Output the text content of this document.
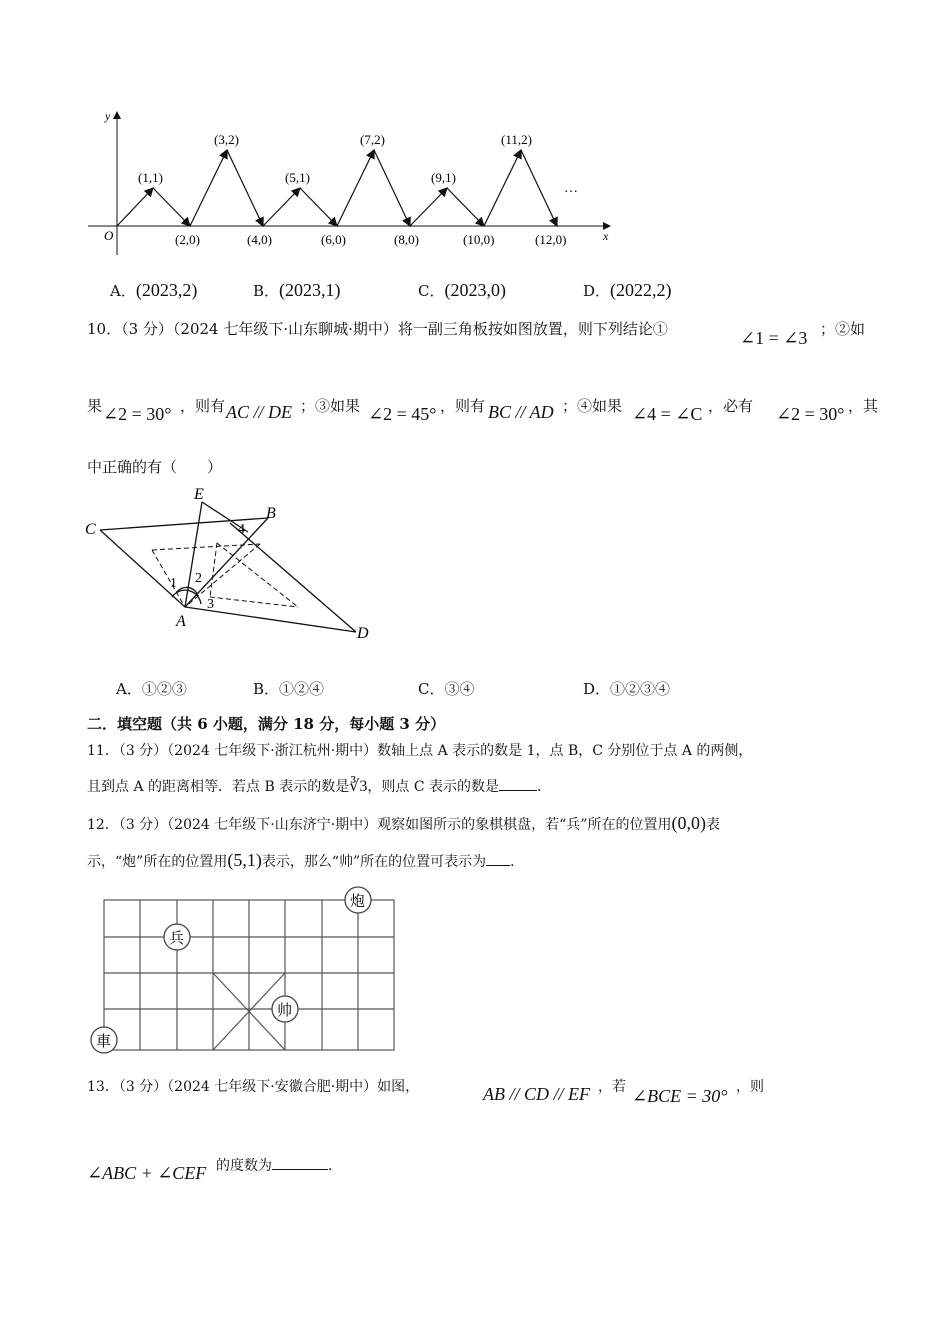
y
x
O
(1,1)
(3,2)
(5,1)
(7,2)
(9,1)
(11,2)
…
(2,0)	(4,0)	(6,0)	(8,0)	(10,0)	(12,0)
A．(2023,2)	B．(2023,1)	C．(2023,0)	D．(2022,2)
10．（3 分）（2024 七年级下·山东聊城·期中）将一副三角板按如图放置，则下列结论①	∠1 = ∠3 ；②如
果 ∠2 = 30° ，则有 AC // DE ；③如果 ∠2 = 45° ，则有 BC // AD ；④如果 ∠4 = ∠C ，必有 ∠2 = 30° ，其
中正确的有（　　）
C
E
B
A
D
1 2
3
4
A．①②③	B．①②④	C．③④	D．①②③④
二．填空题（共 6 小题，满分 18 分，每小题 3 分）
11．（3 分）（2024 七年级下·浙江杭州·期中）数轴上点 A 表示的数是 1，点 B，C 分别位于点 A 的两侧，
且到点 A 的距离相等．若点 B 表示的数是∛3，则点 C 表示的数是	．
12．（3 分）（2024 七年级下·山东济宁·期中）观察如图所示的象棋棋盘，若“兵”所在的位置用(0,0)表
示，“炮”所在的位置用(5,1)表示，那么“帅”所在的位置可表示为 ．
炮
兵
帅
車
13．（3 分）（2024 七年级下·安徽合肥·期中）如图，	AB // CD // EF ，若 ∠BCE = 30° ，则
∠ABC + ∠CEF 的度数为	．
